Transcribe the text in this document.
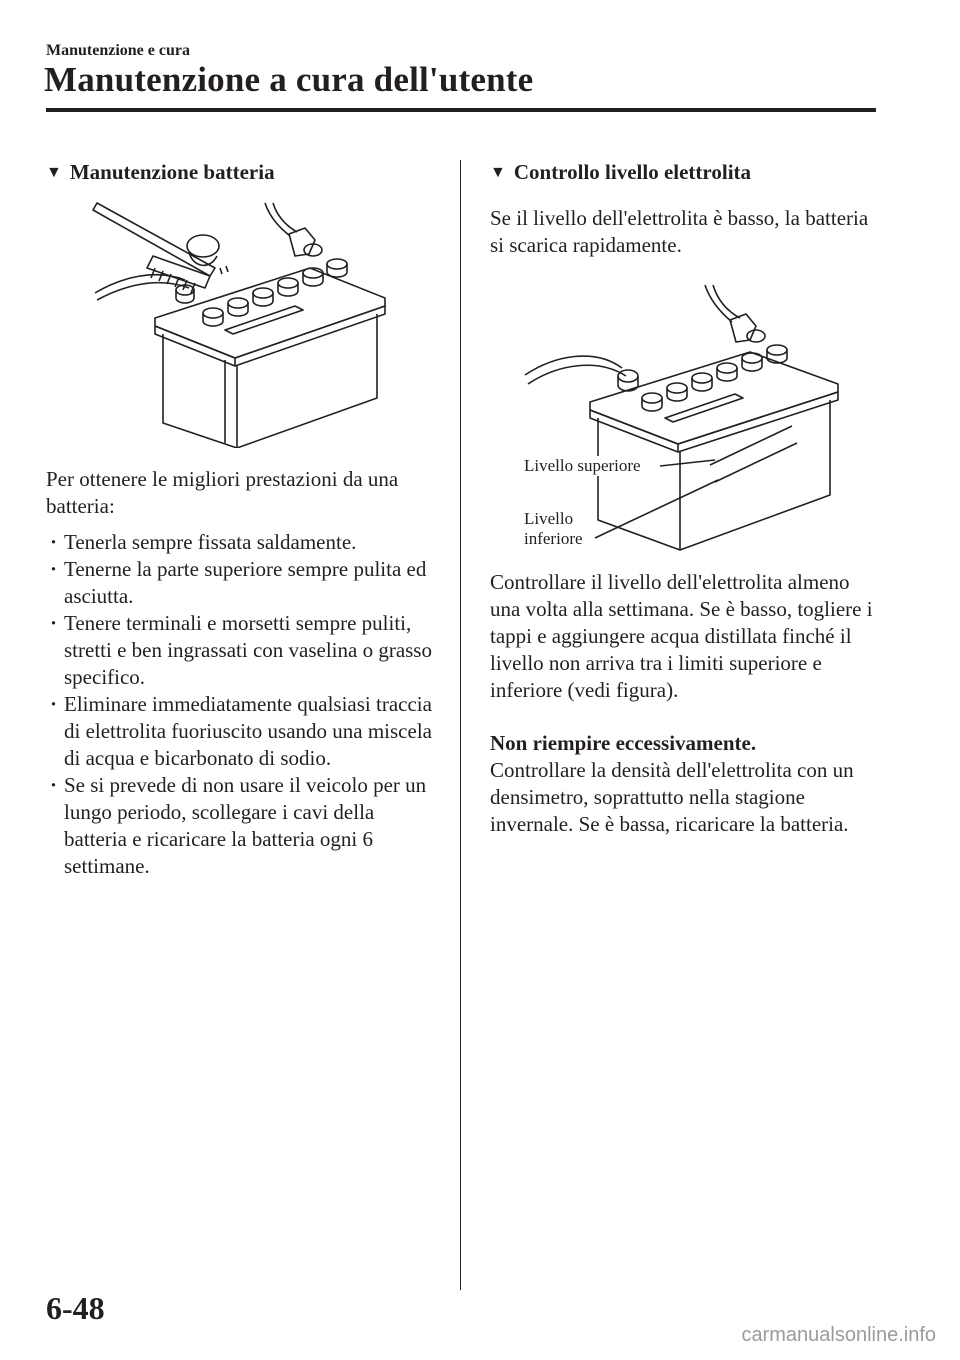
Manutenzione e cura
Manutenzione a cura dell'utente
▼ Manutenzione batteria

Per ottenere le migliori prestazioni da una batteria:

· Tenerla sempre fissata saldamente.
· Tenerne la parte superiore sempre pulita ed asciutta.
· Tenere terminali e morsetti sempre puliti, stretti e ben ingrassati con vaselina o grasso specifico.
· Eliminare immediatamente qualsiasi traccia di elettrolita fuoriuscito usando una miscela di acqua e bicarbonato di sodio.
· Se si prevede di non usare il veicolo per un lungo periodo, scollegare i cavi della batteria e ricaricare la batteria ogni 6 settimane.
▼ Controllo livello elettrolita

Se il livello dell'elettrolita è basso, la batteria si scarica rapidamente.

Livello superiore
Livello
inferiore

Controllare il livello dell'elettrolita almeno una volta alla settimana. Se è basso, togliere i tappi e aggiungere acqua distillata finché il livello non arriva tra i limiti superiore e inferiore (vedi figura).

Non riempire eccessivamente.

Controllare la densità dell'elettrolita con un densimetro, soprattutto nella stagione invernale. Se è bassa, ricaricare la batteria.

6-48
carmanualsonline.info
